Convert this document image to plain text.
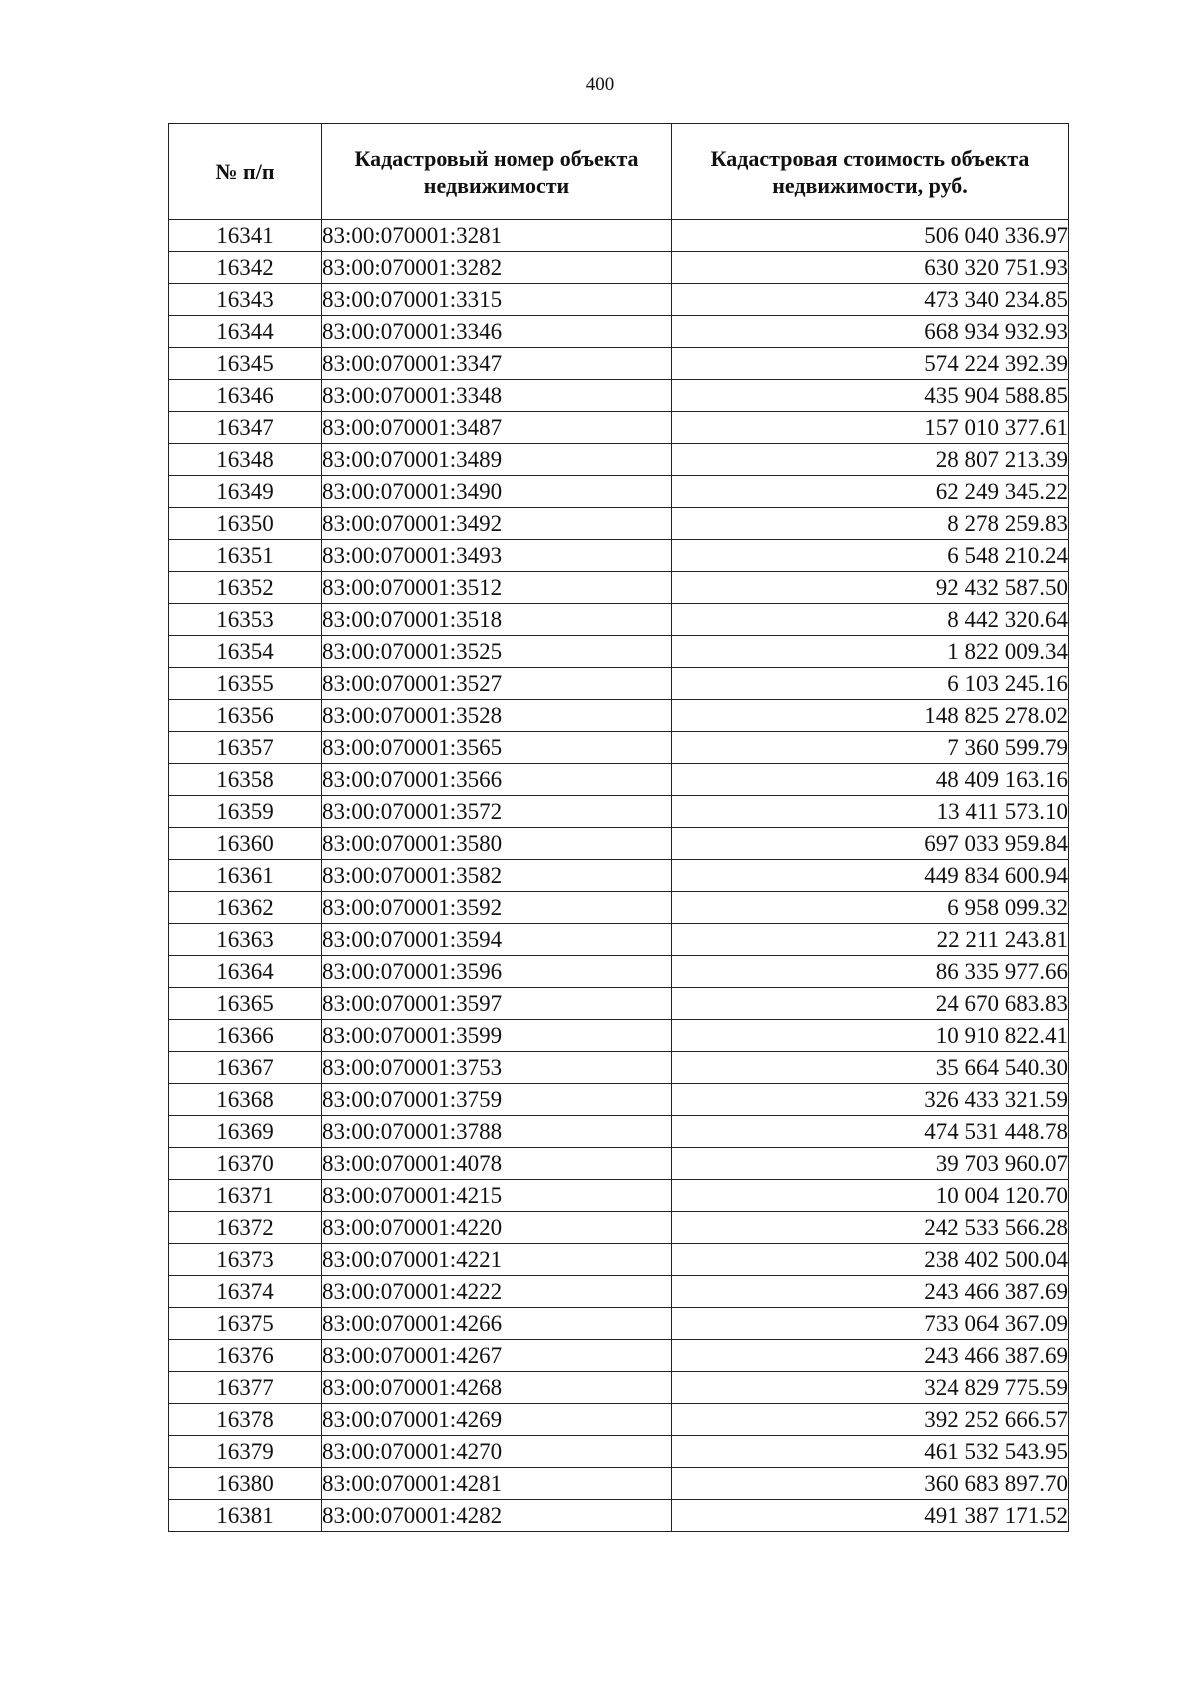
400
№ п/п	Кадастровый номер объекта недвижимости	Кадастровая стоимость объекта недвижимости, руб.
16341	83:00:070001:3281	506 040 336.97
16342	83:00:070001:3282	630 320 751.93
16343	83:00:070001:3315	473 340 234.85
16344	83:00:070001:3346	668 934 932.93
16345	83:00:070001:3347	574 224 392.39
16346	83:00:070001:3348	435 904 588.85
16347	83:00:070001:3487	157 010 377.61
16348	83:00:070001:3489	28 807 213.39
16349	83:00:070001:3490	62 249 345.22
16350	83:00:070001:3492	8 278 259.83
16351	83:00:070001:3493	6 548 210.24
16352	83:00:070001:3512	92 432 587.50
16353	83:00:070001:3518	8 442 320.64
16354	83:00:070001:3525	1 822 009.34
16355	83:00:070001:3527	6 103 245.16
16356	83:00:070001:3528	148 825 278.02
16357	83:00:070001:3565	7 360 599.79
16358	83:00:070001:3566	48 409 163.16
16359	83:00:070001:3572	13 411 573.10
16360	83:00:070001:3580	697 033 959.84
16361	83:00:070001:3582	449 834 600.94
16362	83:00:070001:3592	6 958 099.32
16363	83:00:070001:3594	22 211 243.81
16364	83:00:070001:3596	86 335 977.66
16365	83:00:070001:3597	24 670 683.83
16366	83:00:070001:3599	10 910 822.41
16367	83:00:070001:3753	35 664 540.30
16368	83:00:070001:3759	326 433 321.59
16369	83:00:070001:3788	474 531 448.78
16370	83:00:070001:4078	39 703 960.07
16371	83:00:070001:4215	10 004 120.70
16372	83:00:070001:4220	242 533 566.28
16373	83:00:070001:4221	238 402 500.04
16374	83:00:070001:4222	243 466 387.69
16375	83:00:070001:4266	733 064 367.09
16376	83:00:070001:4267	243 466 387.69
16377	83:00:070001:4268	324 829 775.59
16378	83:00:070001:4269	392 252 666.57
16379	83:00:070001:4270	461 532 543.95
16380	83:00:070001:4281	360 683 897.70
16381	83:00:070001:4282	491 387 171.52
